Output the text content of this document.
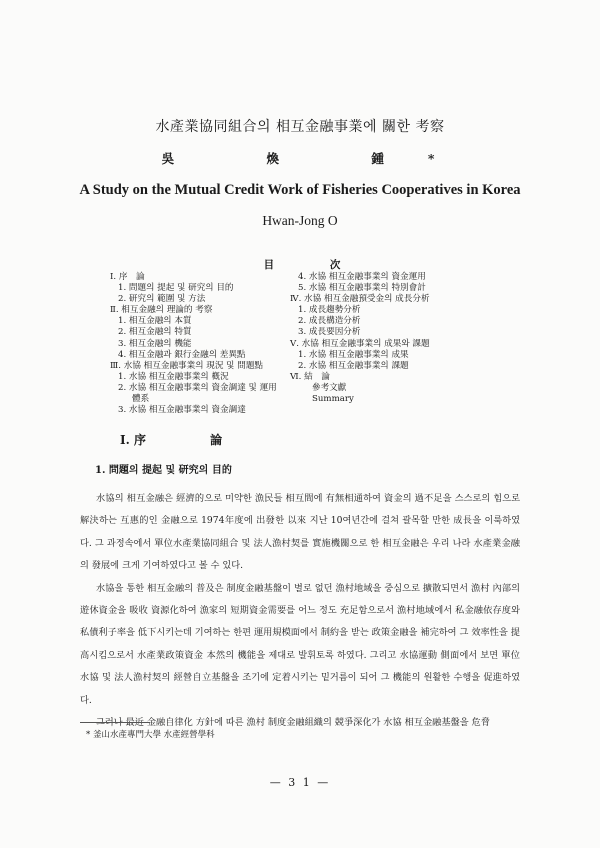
水產業協同組合의 相互金融事業에 關한 考察
吳 煥 鍾*
A Study on the Mutual Credit Work of Fisheries Cooperatives in Korea
Hwan-Jong O
目 次
Ⅰ. 序　論
1. 問題의 提起 및 研究의 目的
2. 研究의 範圍 및 方法
Ⅱ. 相互金融의 理論的 考察
1. 相互金融의 本質
2. 相互金融의 特質
3. 相互金融의 機能
4. 相互金融과 銀行金融의 差異點
Ⅲ. 水協 相互金融事業의 現況 및 問題點
1. 水協 相互金融事業의 槪況
2. 水協 相互金融事業의 資金調達 및 運用
體系
3. 水協 相互金融事業의 資金調達
4. 水協 相互金融事業의 資金運用
5. 水協 相互金融事業의 特別會計
Ⅳ. 水協 相互金融預受金의 成長分析
1. 成長趨勢分析
2. 成長構造分析
3. 成長要因分析
Ⅴ. 水協 相互金融事業의 成果와 課題
1. 水協 相互金融事業의 成果
2. 水協 相互金融事業의 課題
Ⅵ. 結　論
參考文獻
Summary
Ⅰ. 序 論
1. 問題의 提起 및 研究의 目的

水協의 相互金融은 經濟的으로 미약한 漁民들 相互間에 有無相通하여 資金의 過不足을 스스로의 힘으로 解決하는 互惠的인 金融으로 1974年度에 出發한 以來 지난 10여년간에 걸쳐 괄목할 만한 成長을 이룩하였다. 그 과정속에서 單位水產業協同組合 및 法人漁村契를 實施機關으로 한 相互金融은 우리 나라 水產業金融의 發展에 크게 기여하였다고 볼 수 있다.

水協을 통한 相互金融의 普及은 制度金融基盤이 별로 없던 漁村地域을 중심으로 擴散되면서 漁村 內部의 遊休資金을 吸收 資源化하여 漁家의 短期資金需要를 어느 정도 充足함으로서 漁村地域에서 私金融依存度와 私債利子率을 低下시키는데 기여하는 한편 運用規模面에서 制約을 받는 政策金融을 補完하여 그 效率性을 提高시킴으로서 水產業政策資金 本然의 機能을 제대로 발휘토록 하였다. 그리고 水協運動 側面에서 보면 單位水協 및 法人漁村契의 經營自立基盤을 조기에 定着시키는 밑거름이 되어 그 機能의 원활한 수행을 促進하였다.

그러나 最近 金融自律化 方針에 따른 漁村 制度金融組織의 競爭深化가 水協 相互金融基盤을 危脅

* 釜山水產專門大學 水產經營學科
— 3 1 —
